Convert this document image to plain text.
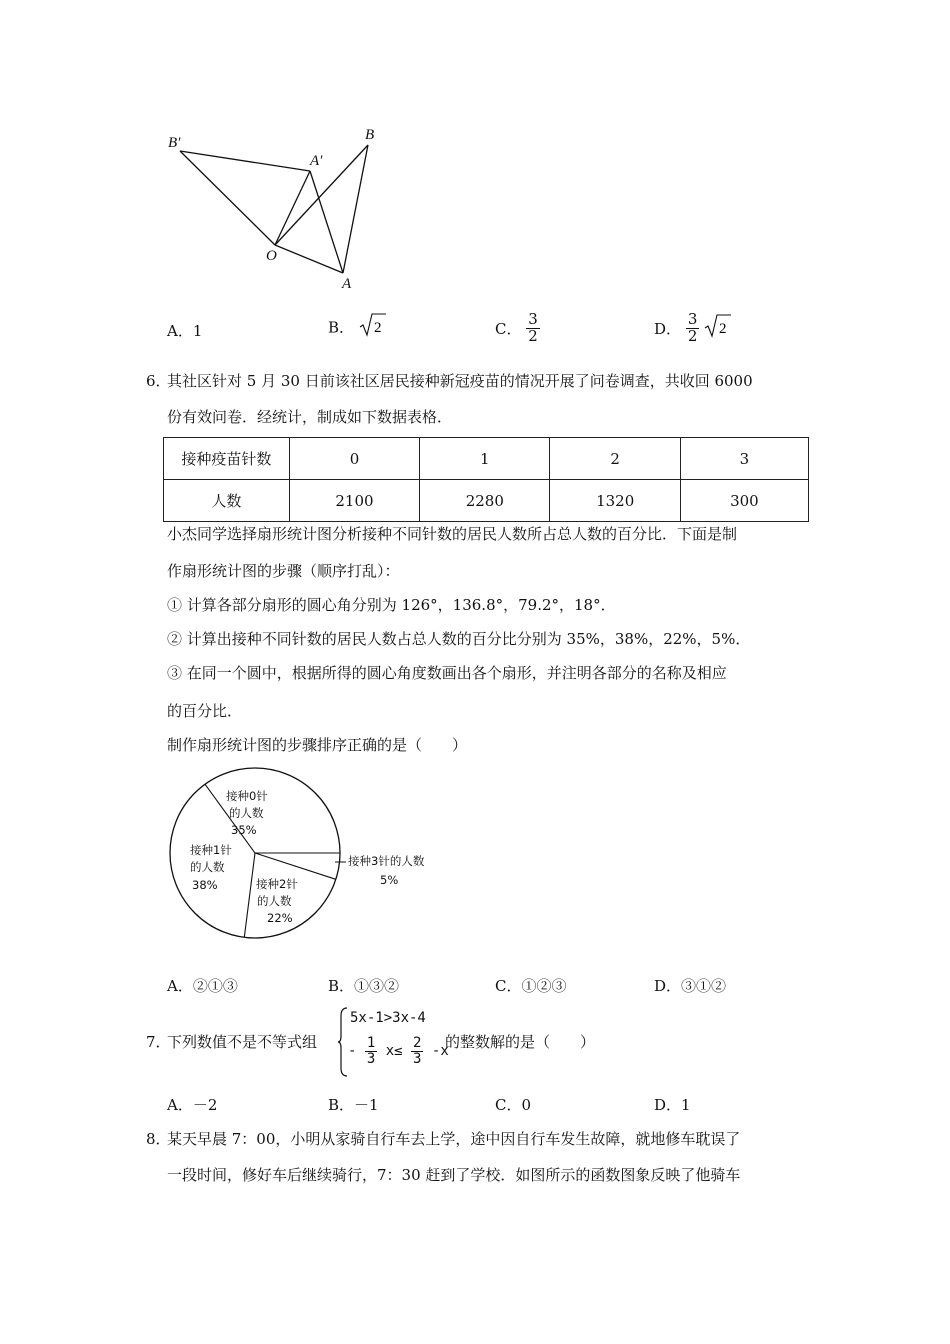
B′
A′
B
O
A
A．1	B． 2	C． $\frac{3}{2}$	D． $\frac{3}{2}$
2
6．
其社区针对 5 月 30 日前该社区居民接种新冠疫苗的情况开展了问卷调查，共收回 6000
份有效问卷．经统计，制成如下数据表格．
接种疫苗针数	0	1	2	3
人数	2100	2280	1320	300
小杰同学选择扇形统计图分析接种不同针数的居民人数所占总人数的百分比．下面是制
作扇形统计图的步骤（顺序打乱）：
① 计算各部分扇形的圆心角分别为 126°，136.8°，79.2°，18°．
② 计算出接种不同针数的居民人数占总人数的百分比分别为 35%，38%，22%，5%．
③ 在同一个圆中，根据所得的圆心角度数画出各个扇形，并注明各部分的名称及相应
的百分比．
制作扇形统计图的步骤排序正确的是（　　）
接种0针
的人数
35%
接种1针
的人数
38%	接种2针
的人数
22%
接种3针的人数
5%
A．②①③	B．①③②	C．①②③	D．③①②
7．
下列数值不是不等式组
5x-1>3x-4
- $\frac{1}{3} x\le \frac{2}{3} -x$
的整数解的是（　　）
A．－2	B．－1	C．0	D．1
8．
某天早晨 7：00，小明从家骑自行车去上学，途中因自行车发生故障，就地修车耽误了
一段时间，修好车后继续骑行，7：30 赶到了学校．如图所示的函数图象反映了他骑车
